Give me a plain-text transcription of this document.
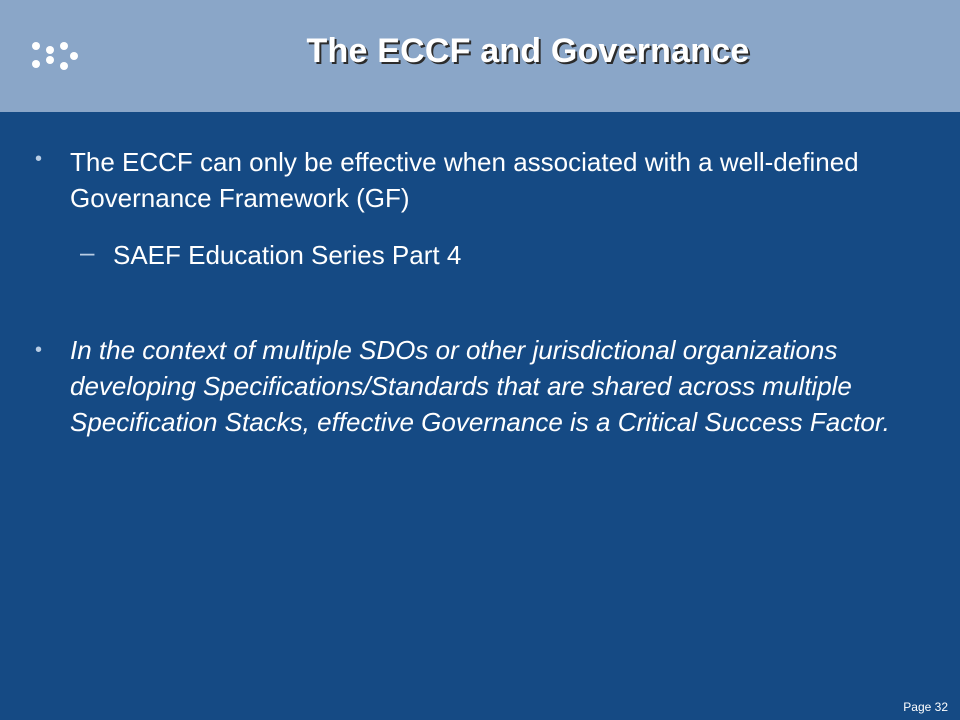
The ECCF and Governance
• The ECCF can only be effective when associated with a well-defined Governance Framework (GF)
– SAEF Education Series Part 4
• In the context of multiple SDOs or other jurisdictional organizations developing Specifications/Standards that are shared across multiple Specification Stacks, effective Governance is a Critical Success Factor.
Page 32
